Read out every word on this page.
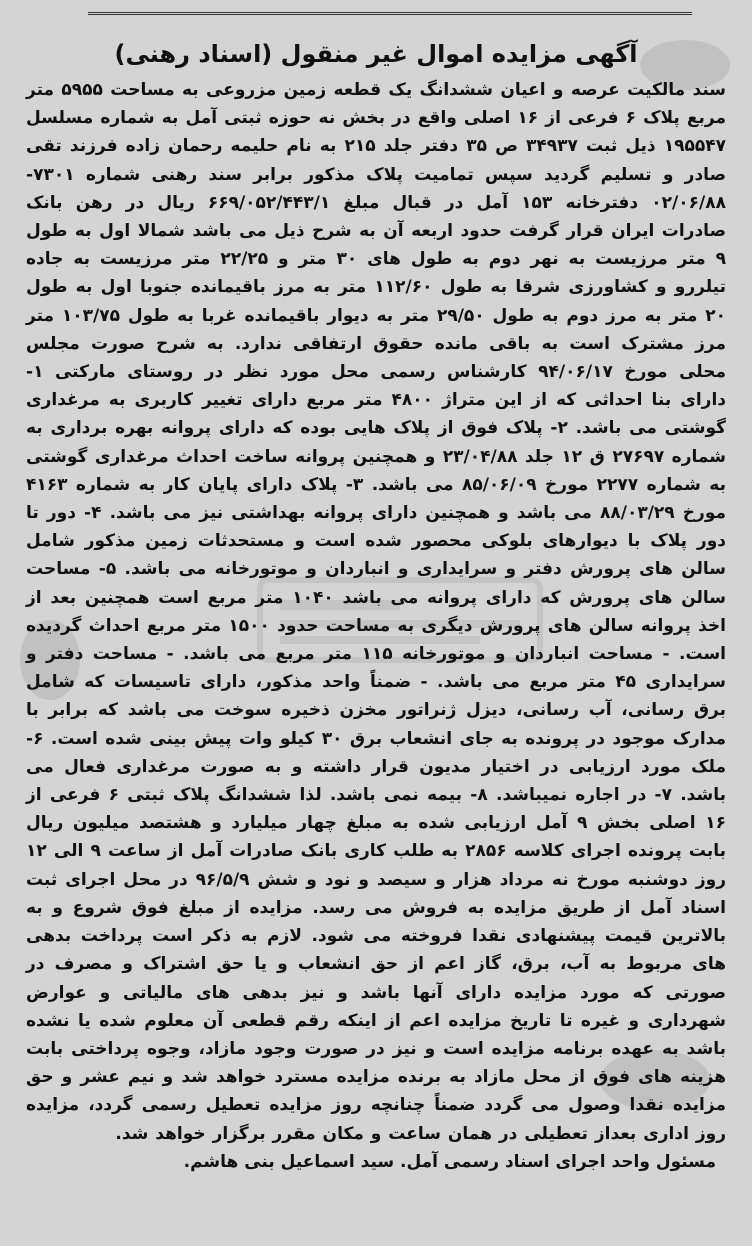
آگهی مزایده اموال غیر منقول (اسناد رهنی)

سند مالکیت عرصه و اعیان ششدانگ یک قطعه زمین مزروعی به مساحت ۵۹۵۵ متر مربع پلاک ۶ فرعی از ۱۶ اصلی واقع در بخش نه حوزه ثبتی آمل به شماره مسلسل ۱۹۵۵۴۷ ذیل ثبت ۳۴۹۳۷ ص ۳۵ دفتر جلد ۲۱۵ به نام حلیمه رحمان زاده فرزند تقی صادر و تسلیم گردید سپس تمامیت پلاک مذکور برابر سند رهنی شماره ۷۳۰۱- ۰۲/۰۶/۸۸ دفترخانه ۱۵۳ آمل در قبال مبلغ ۶۶۹/۰۵۲/۴۴۳/۱ ریال در رهن بانک صادرات ایران قرار گرفت حدود اربعه آن به شرح ذیل می باشد شمالا اول به طول ۹ متر مرزیست به نهر دوم به طول های ۳۰ متر و ۲۲/۲۵ متر مرزیست به جاده تیلررو و کشاورزی شرقا به طول ۱۱۲/۶۰ متر به مرز باقیمانده جنوبا اول به طول ۲۰ متر به مرز دوم به طول ۲۹/۵۰ متر به دیوار باقیمانده غربا به طول ۱۰۳/۷۵ متر مرز مشترک است به باقی مانده حقوق ارتفاقی ندارد. به شرح صورت مجلس محلی مورخ ۹۴/۰۶/۱۷ کارشناس رسمی محل مورد نظر در روستای مارکتی ۱- دارای بنا احداثی که از این متراژ ۴۸۰۰ متر مربع دارای تغییر کاربری به مرغداری گوشتی می باشد. ۲- پلاک فوق از پلاک هایی بوده که دارای پروانه بهره برداری به شماره ۲۷۶۹۷ ق ۱۲ جلد ۲۳/۰۴/۸۸ و همچنین پروانه ساخت احداث مرغداری گوشتی به شماره ۲۲۷۷ مورخ ۸۵/۰۶/۰۹ می باشد. ۳- پلاک دارای پایان کار به شماره ۴۱۶۳ مورخ ۸۸/۰۳/۲۹ می باشد و همچنین دارای پروانه بهداشتی نیز می باشد. ۴- دور تا دور پلاک با دیوارهای بلوکی محصور شده است و مستحدثات زمین مذکور شامل سالن های پرورش دفتر و سرایداری و انباردان و موتورخانه می باشد. ۵- مساحت سالن های پرورش که دارای پروانه می باشد ۱۰۴۰ متر مربع است همچنین بعد از اخذ پروانه سالن های پرورش دیگری به مساحت حدود ۱۵۰۰ متر مربع احداث گردیده است. - مساحت انباردان و موتورخانه ۱۱۵ متر مربع می باشد. - مساحت دفتر و سرایداری ۴۵ متر مربع می باشد. - ضمناً واحد مذکور، دارای تاسیسات که شامل برق رسانی، آب رسانی، دیزل ژنراتور مخزن ذخیره سوخت می باشد که برابر با مدارک موجود در پرونده به جای انشعاب برق ۳۰ کیلو وات پیش بینی شده است. ۶- ملک مورد ارزیابی در اختیار مدیون قرار داشته و به صورت مرغداری فعال می باشد. ۷- در اجاره نمیباشد. ۸- بیمه نمی باشد. لذا ششدانگ پلاک ثبتی ۶ فرعی از ۱۶ اصلی بخش ۹ آمل ارزیابی شده به مبلغ چهار میلیارد و هشتصد میلیون ریال بابت پرونده اجرای کلاسه ۲۸۵۶ به طلب کاری بانک صادرات آمل از ساعت ۹ الی ۱۲ روز دوشنبه مورخ نه مرداد هزار و سیصد و نود و شش ۹۶/۵/۹ در محل اجرای ثبت اسناد آمل از طریق مزایده به فروش می رسد. مزایده از مبلغ فوق شروع و به بالاترین قیمت پیشنهادی نقدا فروخته می شود. لازم به ذکر است پرداخت بدهی های مربوط به آب، برق، گاز اعم از حق انشعاب و یا حق اشتراک و مصرف در صورتی که مورد مزایده دارای آنها باشد و نیز بدهی های مالیاتی و عوارض شهرداری و غیره تا تاریخ مزایده اعم از اینکه رقم قطعی آن معلوم شده یا نشده باشد به عهده برنامه مزایده است و نیز در صورت وجود مازاد، وجوه پرداختی بابت هزینه های فوق از محل مازاد به برنده مزایده مسترد خواهد شد و نیم عشر و حق مزایده نقدا وصول می گردد ضمناً چنانچه روز مزایده تعطیل رسمی گردد، مزایده روز اداری بعداز تعطیلی در همان ساعت و مکان مقرر برگزار خواهد شد.

مسئول واحد اجرای اسناد رسمی آمل. سید اسماعیل بنی هاشم.
